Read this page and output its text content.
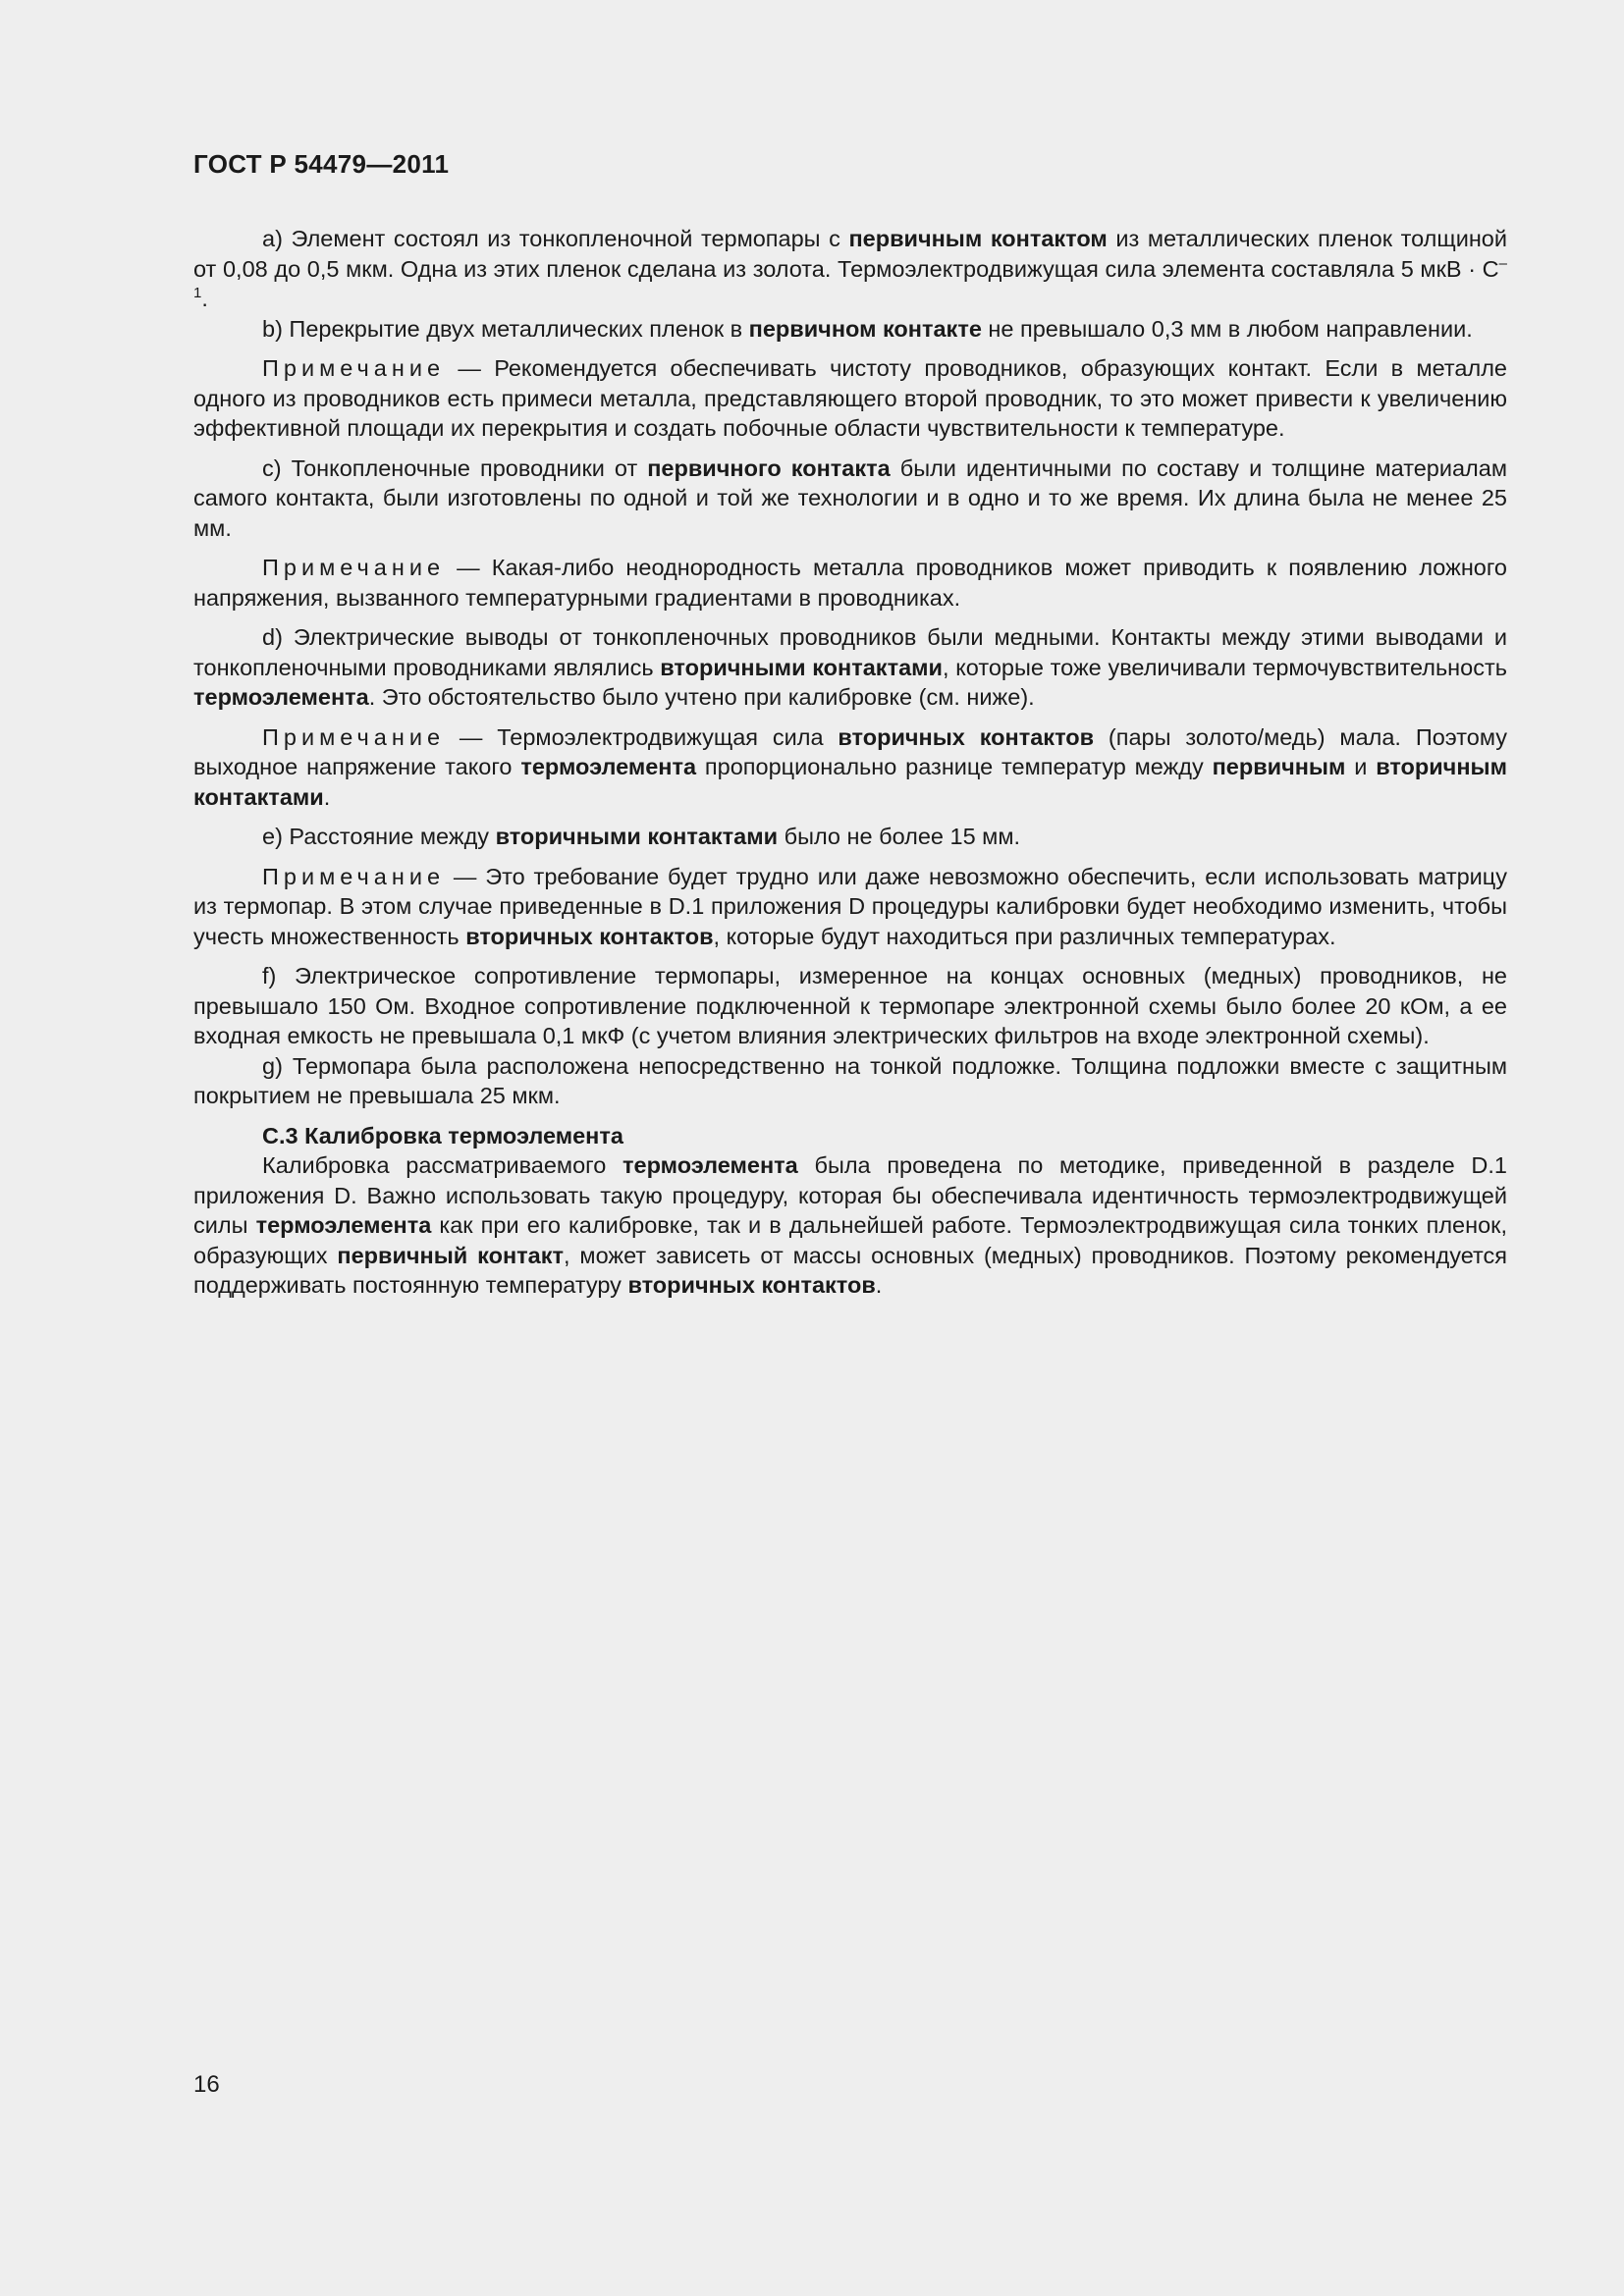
ГОСТ Р 54479—2011

a) Элемент состоял из тонкопленочной термопары с первичным контактом из металлических пленок толщиной от 0,08 до 0,5 мкм. Одна из этих пленок сделана из золота. Термоэлектродвижущая сила элемента составляла 5 мкВ · $С^{-1}$.

b) Перекрытие двух металлических пленок в первичном контакте не превышало 0,3 мм в любом направлении.

Примечание — Рекомендуется обеспечивать чистоту проводников, образующих контакт. Если в металле одного из проводников есть примеси металла, представляющего второй проводник, то это может привести к увеличению эффективной площади их перекрытия и создать побочные области чувствительности к температуре.

c) Тонкопленочные проводники от первичного контакта были идентичными по составу и толщине материалам самого контакта, были изготовлены по одной и той же технологии и в одно и то же время. Их длина была не менее 25 мм.

Примечание — Какая-либо неоднородность металла проводников может приводить к появлению ложного напряжения, вызванного температурными градиентами в проводниках.

d) Электрические выводы от тонкопленочных проводников были медными. Контакты между этими выводами и тонкопленочными проводниками являлись вторичными контактами, которые тоже увеличивали термочувствительность термоэлемента. Это обстоятельство было учтено при калибровке (см. ниже).

Примечание — Термоэлектродвижущая сила вторичных контактов (пары золото/медь) мала. Поэтому выходное напряжение такого термоэлемента пропорционально разнице температур между первичным и вторичным контактами.

e) Расстояние между вторичными контактами было не более 15 мм.

Примечание — Это требование будет трудно или даже невозможно обеспечить, если использовать матрицу из термопар. В этом случае приведенные в D.1 приложения D процедуры калибровки будет необходимо изменить, чтобы учесть множественность вторичных контактов, которые будут находиться при различных температурах.

f) Электрическое сопротивление термопары, измеренное на концах основных (медных) проводников, не превышало 150 Ом. Входное сопротивление подключенной к термопаре электронной схемы было более 20 кОм, а ее входная емкость не превышала 0,1 мкФ (с учетом влияния электрических фильтров на входе электронной схемы).

g) Термопара была расположена непосредственно на тонкой подложке. Толщина подложки вместе с защитным покрытием не превышала 25 мкм.

С.3 Калибровка термоэлемента

Калибровка рассматриваемого термоэлемента была проведена по методике, приведенной в разделе D.1 приложения D. Важно использовать такую процедуру, которая бы обеспечивала идентичность термоэлектродвижущей силы термоэлемента как при его калибровке, так и в дальнейшей работе. Термоэлектродвижущая сила тонких пленок, образующих первичный контакт, может зависеть от массы основных (медных) проводников. Поэтому рекомендуется поддерживать постоянную температуру вторичных контактов.

16
